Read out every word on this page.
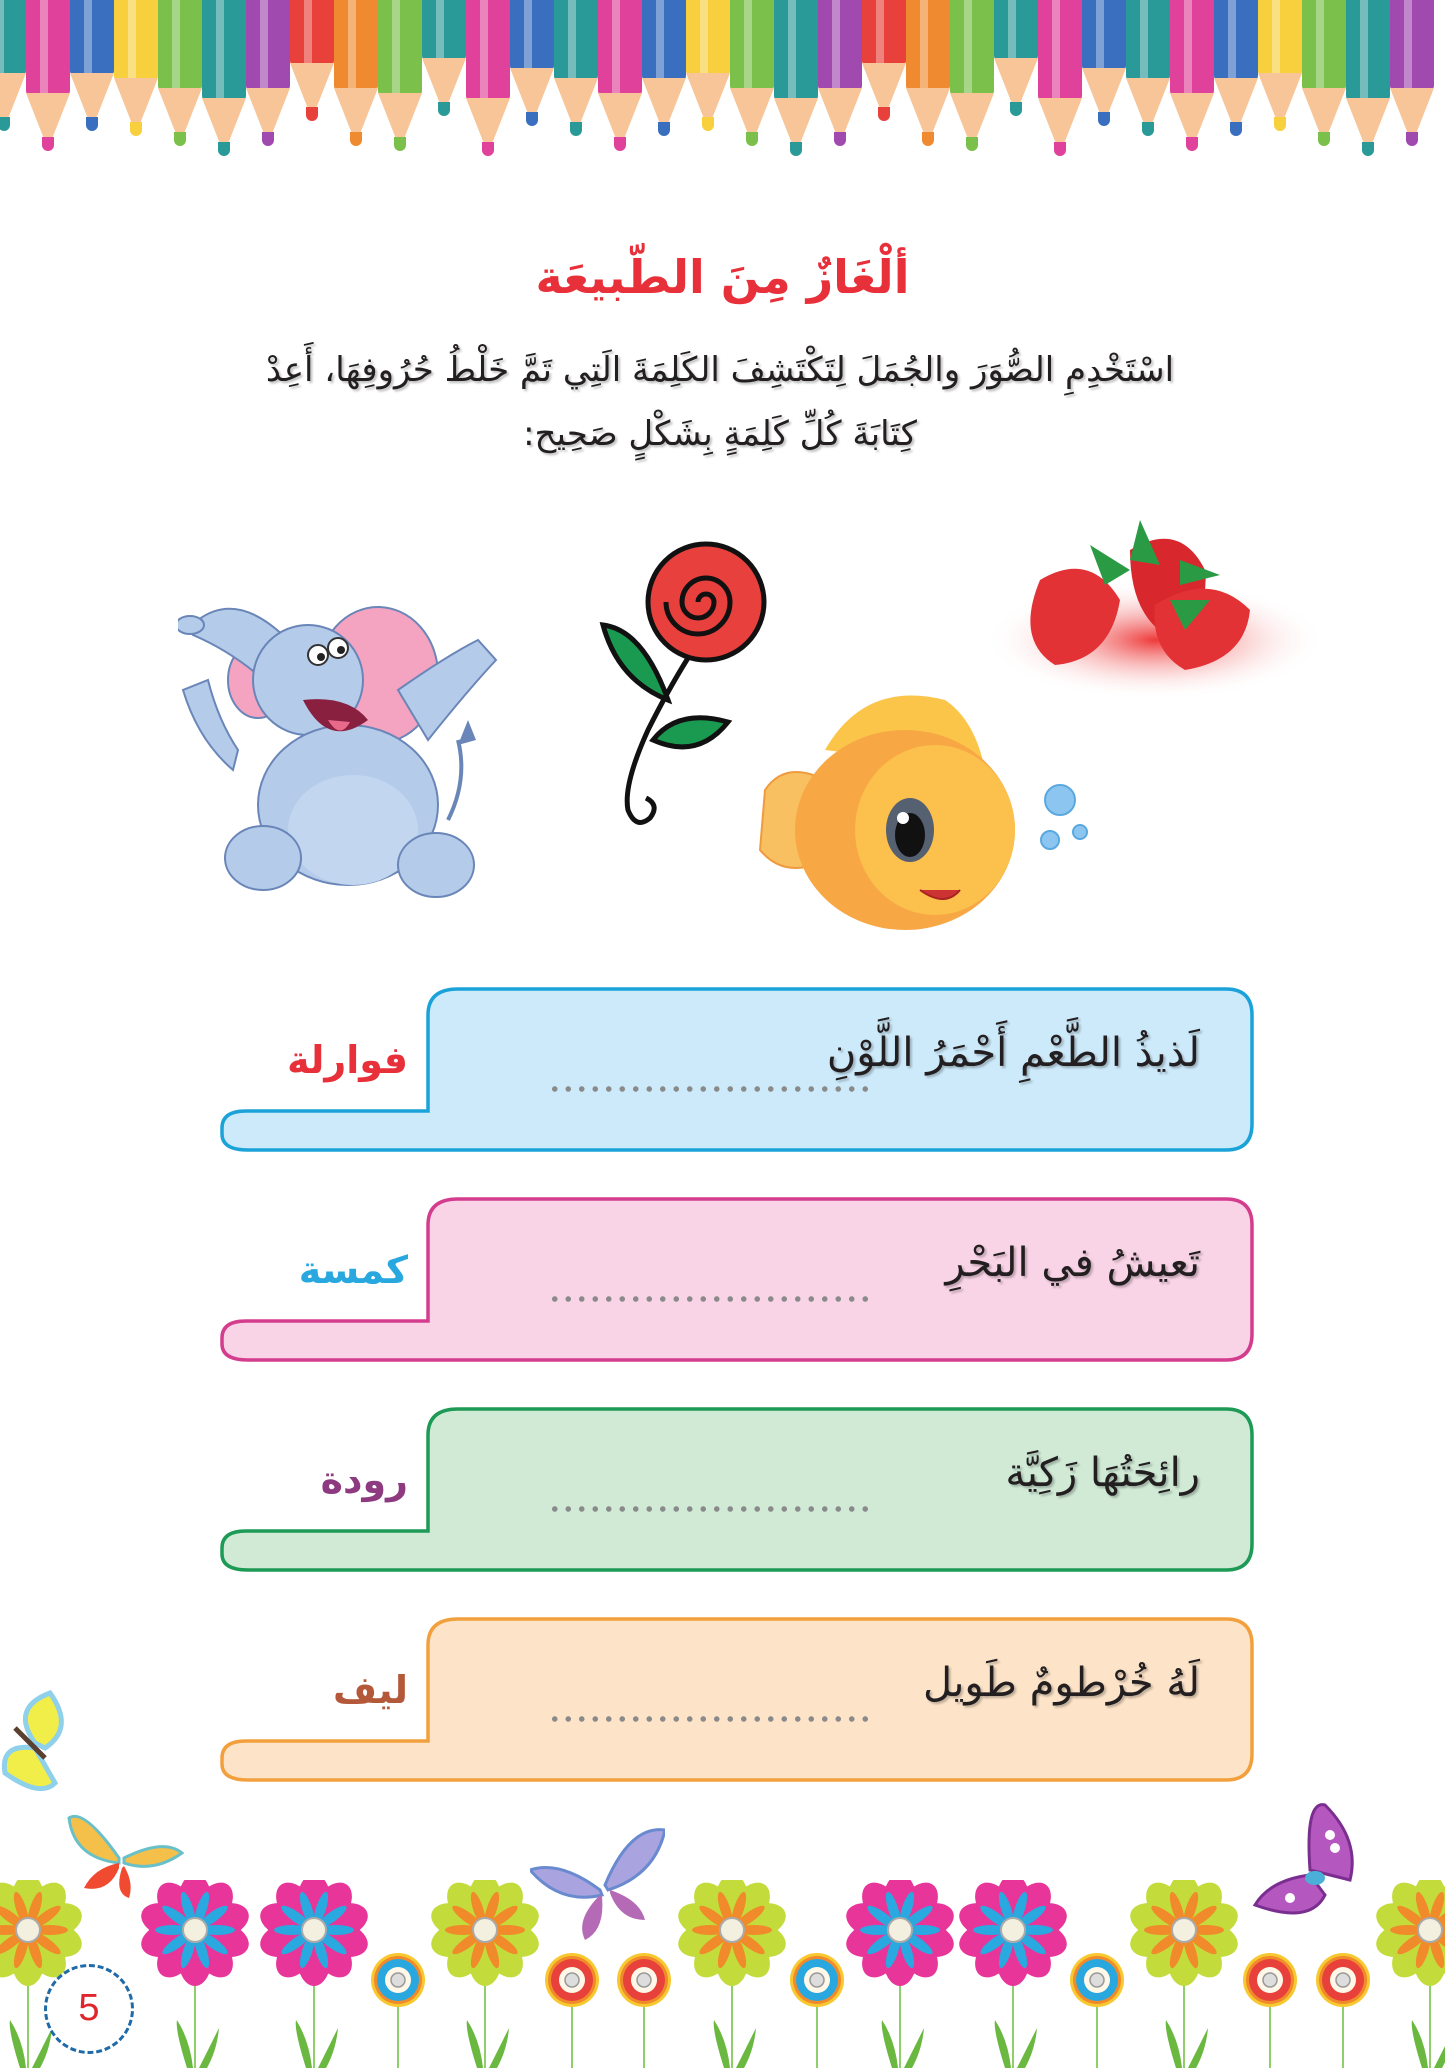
ألْغَازٌ مِنَ الطّبيعَة
اسْتَخْدِمِ الصُّوَرَ والجُمَلَ لِتَكْتَشِفَ الكَلِمَةَ الَتِي تَمَّ خَلْطُ حُرُوفِهَا، أَعِدْ
كِتَابَةَ كُلِّ كَلِمَةٍ بِشَكْلٍ صَحِيح:
لَذيذُ الطَّعْمِ أَحْمَرُ اللَّوْنِ
فوارلة
تَعيشُ في البَحْرِ
كمسة
رائِحَتُهَا زَكِيَّة
رودة
لَهُ خُرْطومٌ طَويل
ليف
5
